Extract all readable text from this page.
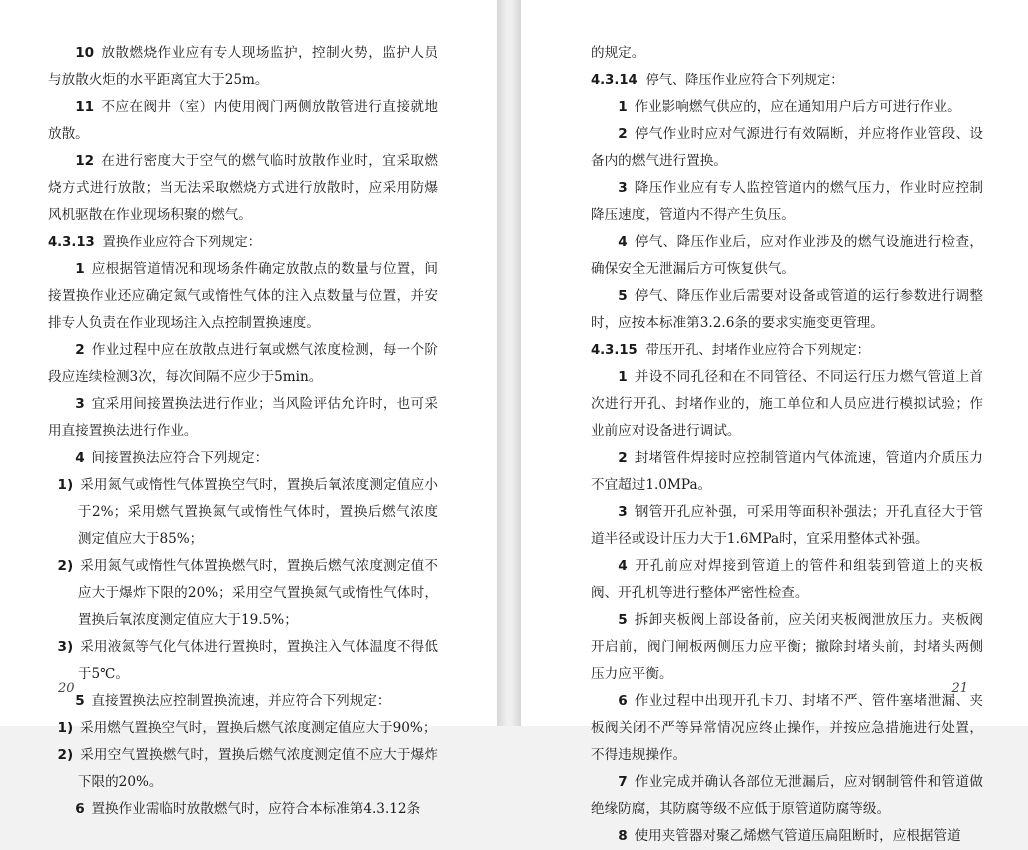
10 放散燃烧作业应有专人现场监护，控制火势，监护人员与放散火炬的水平距离宜大于25m。

11 不应在阀井（室）内使用阀门两侧放散管进行直接就地放散。

12 在进行密度大于空气的燃气临时放散作业时，宜采取燃烧方式进行放散；当无法采取燃烧方式进行放散时，应采用防爆风机驱散在作业现场积聚的燃气。

4.3.13 置换作业应符合下列规定：

1 应根据管道情况和现场条件确定放散点的数量与位置，间接置换作业还应确定氮气或惰性气体的注入点数量与位置，并安排专人负责在作业现场注入点控制置换速度。

2 作业过程中应在放散点进行氧或燃气浓度检测，每一个阶段应连续检测3次，每次间隔不应少于5min。

3 宜采用间接置换法进行作业；当风险评估允许时，也可采用直接置换法进行作业。

4 间接置换法应符合下列规定：

1) 采用氮气或惰性气体置换空气时，置换后氧浓度测定值应小于2%；采用燃气置换氮气或惰性气体时，置换后燃气浓度测定值应大于85%；

2) 采用氮气或惰性气体置换燃气时，置换后燃气浓度测定值不应大于爆炸下限的20%；采用空气置换氮气或惰性气体时，置换后氧浓度测定值应大于19.5%；

3) 采用液氮等气化气体进行置换时，置换注入气体温度不得低于5℃。

5 直接置换法应控制置换流速，并应符合下列规定：

1) 采用燃气置换空气时，置换后燃气浓度测定值应大于90%；

2) 采用空气置换燃气时，置换后燃气浓度测定值不应大于爆炸下限的20%。

6 置换作业需临时放散燃气时，应符合本标准第4.3.12条

20

的规定。

4.3.14 停气、降压作业应符合下列规定：

1 作业影响燃气供应的，应在通知用户后方可进行作业。

2 停气作业时应对气源进行有效隔断，并应将作业管段、设备内的燃气进行置换。

3 降压作业应有专人监控管道内的燃气压力，作业时应控制降压速度，管道内不得产生负压。

4 停气、降压作业后，应对作业涉及的燃气设施进行检查，确保安全无泄漏后方可恢复供气。

5 停气、降压作业后需要对设备或管道的运行参数进行调整时，应按本标准第3.2.6条的要求实施变更管理。

4.3.15 带压开孔、封堵作业应符合下列规定：

1 并设不同孔径和在不同管径、不同运行压力燃气管道上首次进行开孔、封堵作业的，施工单位和人员应进行模拟试验；作业前应对设备进行调试。

2 封堵管件焊接时应控制管道内气体流速，管道内介质压力不宜超过1.0MPa。

3 钢管开孔应补强，可采用等面积补强法；开孔直径大于管道半径或设计压力大于1.6MPa时，宜采用整体式补强。

4 开孔前应对焊接到管道上的管件和组装到管道上的夹板阀、开孔机等进行整体严密性检查。

5 拆卸夹板阀上部设备前，应关闭夹板阀泄放压力。夹板阀开启前，阀门闸板两侧压力应平衡；撤除封堵头前，封堵头两侧压力应平衡。

6 作业过程中出现开孔卡刀、封堵不严、管件塞堵泄漏、夹板阀关闭不严等异常情况应终止操作，并按应急措施进行处置，不得违规操作。

7 作业完成并确认各部位无泄漏后，应对钢制管件和管道做绝缘防腐，其防腐等级不应低于原管道防腐等级。

8 使用夹管器对聚乙烯燃气管道压扁阻断时，应根据管道

21
